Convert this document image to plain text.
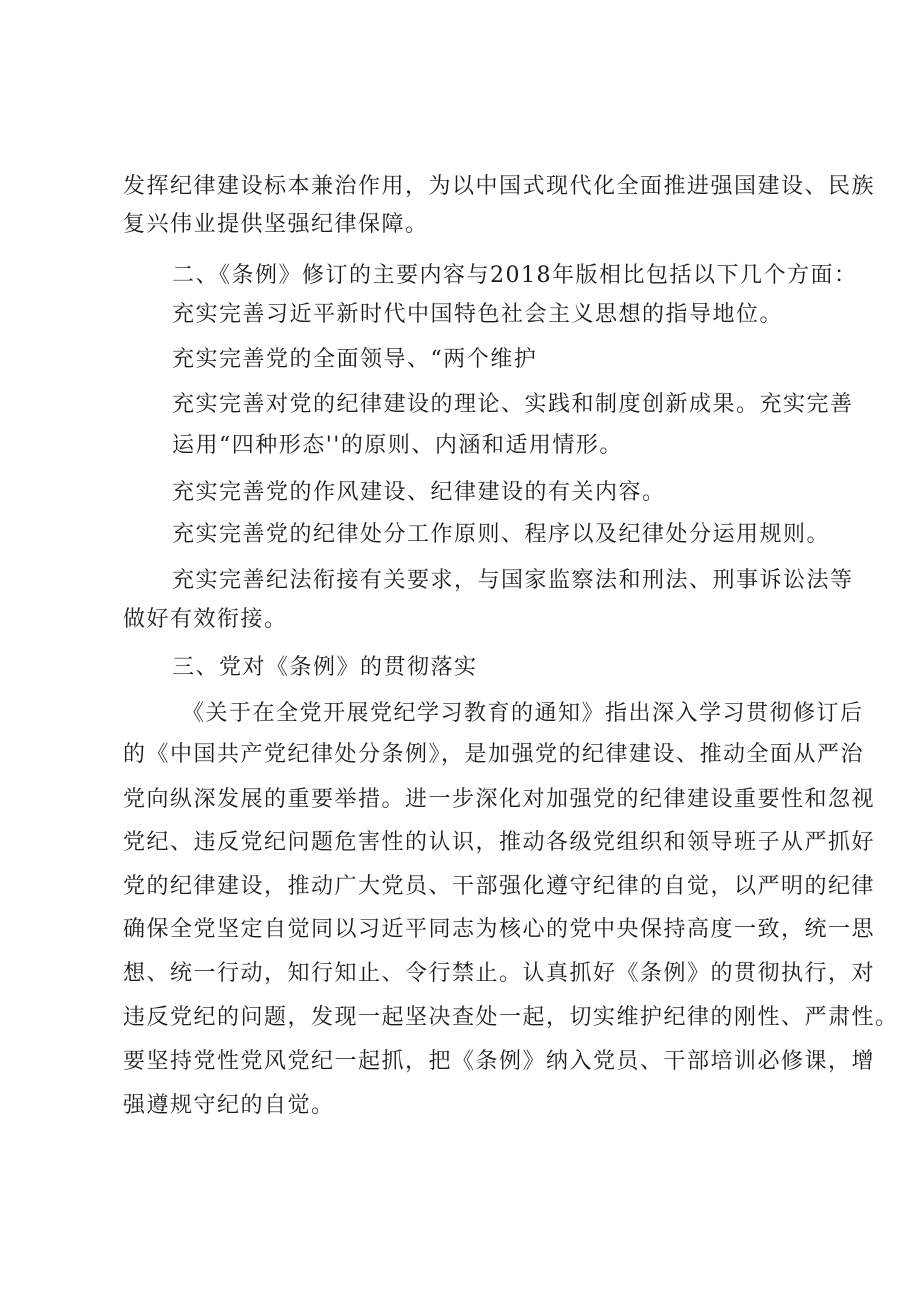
发挥纪律建设标本兼治作用，为以中国式现代化全面推进强国建设、民族
复兴伟业提供坚强纪律保障。
二、《条例》修订的主要内容与2018年版相比包括以下几个方面：
充实完善习近平新时代中国特色社会主义思想的指导地位。
充实完善党的全面领导、“两个维护
充实完善对党的纪律建设的理论、实践和制度创新成果。充实完善
运用“四种形态''的原则、内涵和适用情形。
充实完善党的作风建设、纪律建设的有关内容。
充实完善党的纪律处分工作原则、程序以及纪律处分运用规则。
充实完善纪法衔接有关要求，与国家监察法和刑法、刑事诉讼法等
做好有效衔接。
三、党对《条例》的贯彻落实
《关于在全党开展党纪学习教育的通知》指出深入学习贯彻修订后
的《中国共产党纪律处分条例》，是加强党的纪律建设、推动全面从严治
党向纵深发展的重要举措。进一步深化对加强党的纪律建设重要性和忽视
党纪、违反党纪问题危害性的认识，推动各级党组织和领导班子从严抓好
党的纪律建设，推动广大党员、干部强化遵守纪律的自觉，以严明的纪律
确保全党坚定自觉同以习近平同志为核心的党中央保持高度一致，统一思
想、统一行动，知行知止、令行禁止。认真抓好《条例》的贯彻执行，对
违反党纪的问题，发现一起坚决查处一起，切实维护纪律的刚性、严肃性。
要坚持党性党风党纪一起抓，把《条例》纳入党员、干部培训必修课，增
强遵规守纪的自觉。
